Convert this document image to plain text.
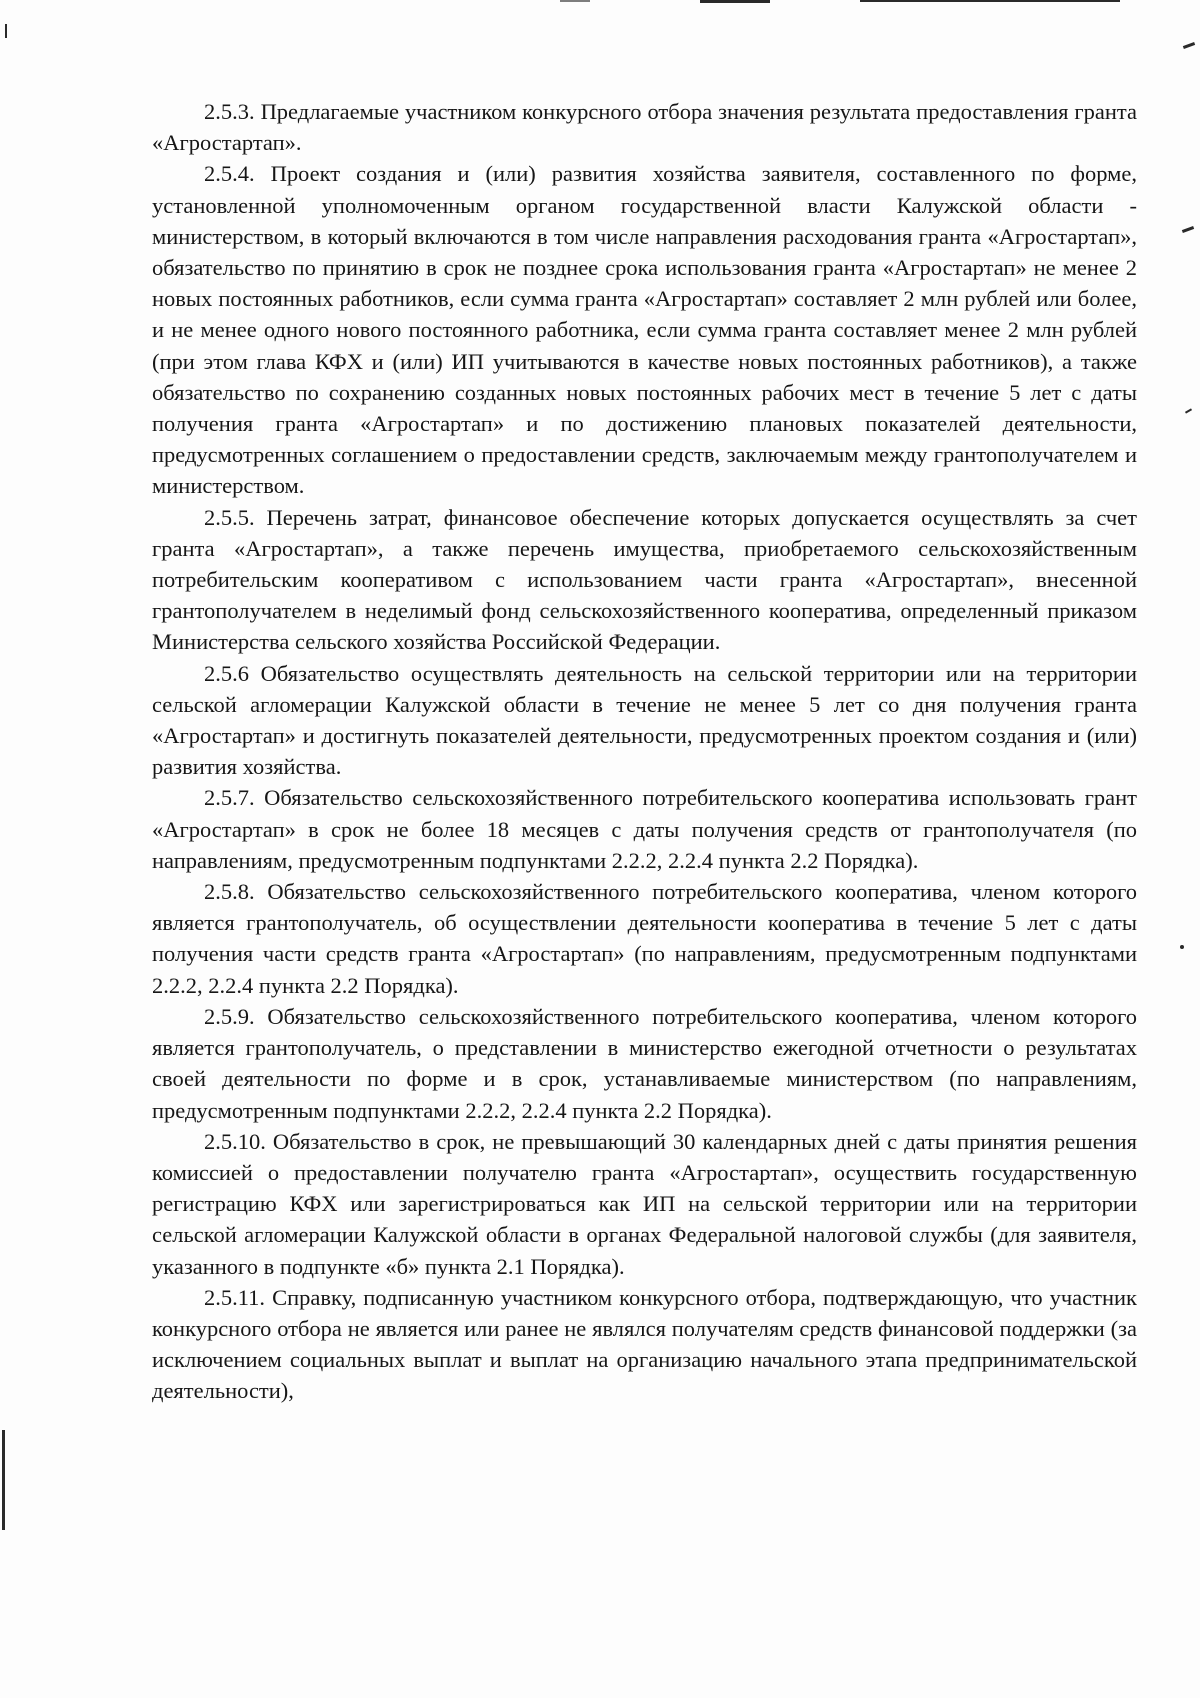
2.5.3. Предлагаемые участником конкурсного отбора значения результата предоставления гранта «Агростартап».

2.5.4. Проект создания и (или) развития хозяйства заявителя, составленного по форме, установленной уполномоченным органом государственной власти Калужской области - министерством, в который включаются в том числе направления расходования гранта «Агростартап», обязательство по принятию в срок не позднее срока использования гранта «Агростартап» не менее 2 новых постоянных работников, если сумма гранта «Агростартап» составляет 2 млн рублей или более, и не менее одного нового постоянного работника, если сумма гранта составляет менее 2 млн рублей (при этом глава КФХ и (или) ИП учитываются в качестве новых постоянных работников), а также обязательство по сохранению созданных новых постоянных рабочих мест в течение 5 лет с даты получения гранта «Агростартап» и по достижению плановых показателей деятельности, предусмотренных соглашением о предоставлении средств, заключаемым между грантополучателем и министерством.

2.5.5. Перечень затрат, финансовое обеспечение которых допускается осуществлять за счет гранта «Агростартап», а также перечень имущества, приобретаемого сельскохозяйственным потребительским кооперативом с использованием части гранта «Агростартап», внесенной грантополучателем в неделимый фонд сельскохозяйственного кооператива, определенный приказом Министерства сельского хозяйства Российской Федерации.

2.5.6 Обязательство осуществлять деятельность на сельской территории или на территории сельской агломерации Калужской области в течение не менее 5 лет со дня получения гранта «Агростартап» и достигнуть показателей деятельности, предусмотренных проектом создания и (или) развития хозяйства.

2.5.7. Обязательство сельскохозяйственного потребительского кооператива использовать грант «Агростартап» в срок не более 18 месяцев с даты получения средств от грантополучателя (по направлениям, предусмотренным подпунктами 2.2.2, 2.2.4 пункта 2.2 Порядка).

2.5.8. Обязательство сельскохозяйственного потребительского кооператива, членом которого является грантополучатель, об осуществлении деятельности кооператива в течение 5 лет с даты получения части средств гранта «Агростартап» (по направлениям, предусмотренным подпунктами 2.2.2, 2.2.4 пункта 2.2 Порядка).

2.5.9. Обязательство сельскохозяйственного потребительского кооператива, членом которого является грантополучатель, о представлении в министерство ежегодной отчетности о результатах своей деятельности по форме и в срок, устанавливаемые министерством (по направлениям, предусмотренным подпунктами 2.2.2, 2.2.4 пункта 2.2 Порядка).

2.5.10. Обязательство в срок, не превышающий 30 календарных дней с даты принятия решения комиссией о предоставлении получателю гранта «Агростартап», осуществить государственную регистрацию КФХ или зарегистрироваться как ИП на сельской территории или на территории сельской агломерации Калужской области в органах Федеральной налоговой службы (для заявителя, указанного в подпункте «б» пункта 2.1 Порядка).

2.5.11. Справку, подписанную участником конкурсного отбора, подтверждающую, что участник конкурсного отбора не является или ранее не являлся получателям средств финансовой поддержки (за исключением социальных выплат и выплат на организацию начального этапа предпринимательской деятельности),
